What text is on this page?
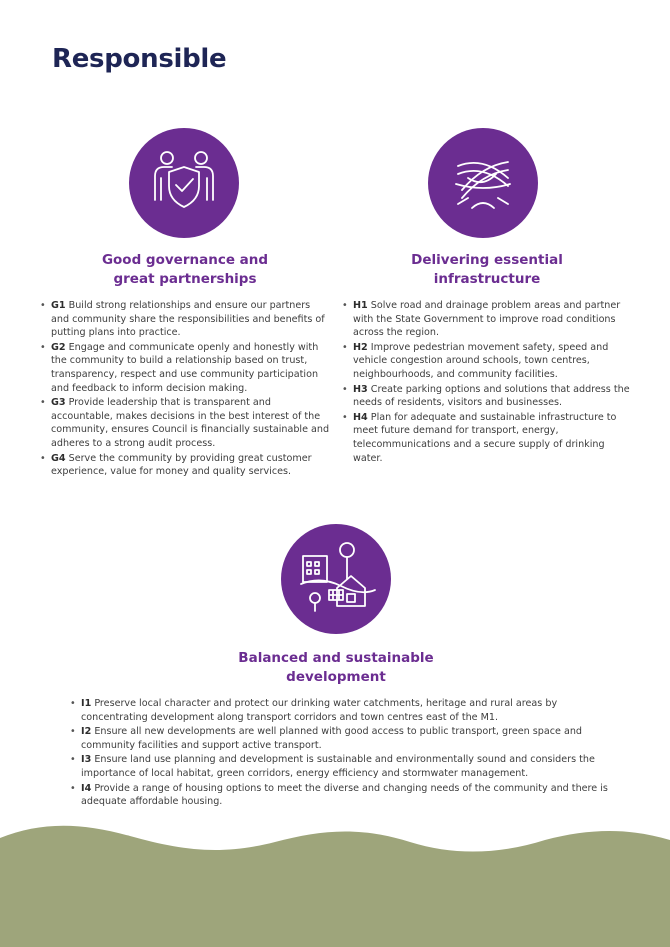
Responsible
Good governance and
great partnerships
• G1 Build strong relationships and ensure our partners and community share the responsibilities and benefits of putting plans into practice.
• G2 Engage and communicate openly and honestly with the community to build a relationship based on trust, transparency, respect and use community participation and feedback to inform decision making.
• G3 Provide leadership that is transparent and accountable, makes decisions in the best interest of the community, ensures Council is financially sustainable and adheres to a strong audit process.
• G4 Serve the community by providing great customer experience, value for money and quality services.
Delivering essential
infrastructure
• H1 Solve road and drainage problem areas and partner with the State Government to improve road conditions across the region.
• H2 Improve pedestrian movement safety, speed and vehicle congestion around schools, town centres, neighbourhoods, and community facilities.
• H3 Create parking options and solutions that address the needs of residents, visitors and businesses.
• H4 Plan for adequate and sustainable infrastructure to meet future demand for transport, energy, telecommunications and a secure supply of drinking water.
Balanced and sustainable
development
• I1 Preserve local character and protect our drinking water catchments, heritage and rural areas by concentrating development along transport corridors and town centres east of the M1.
• I2 Ensure all new developments are well planned with good access to public transport, green space and community facilities and support active transport.
• I3 Ensure land use planning and development is sustainable and environmentally sound and considers the importance of local habitat, green corridors, energy efficiency and stormwater management.
• I4 Provide a range of housing options to meet the diverse and changing needs of the community and there is adequate affordable housing.
